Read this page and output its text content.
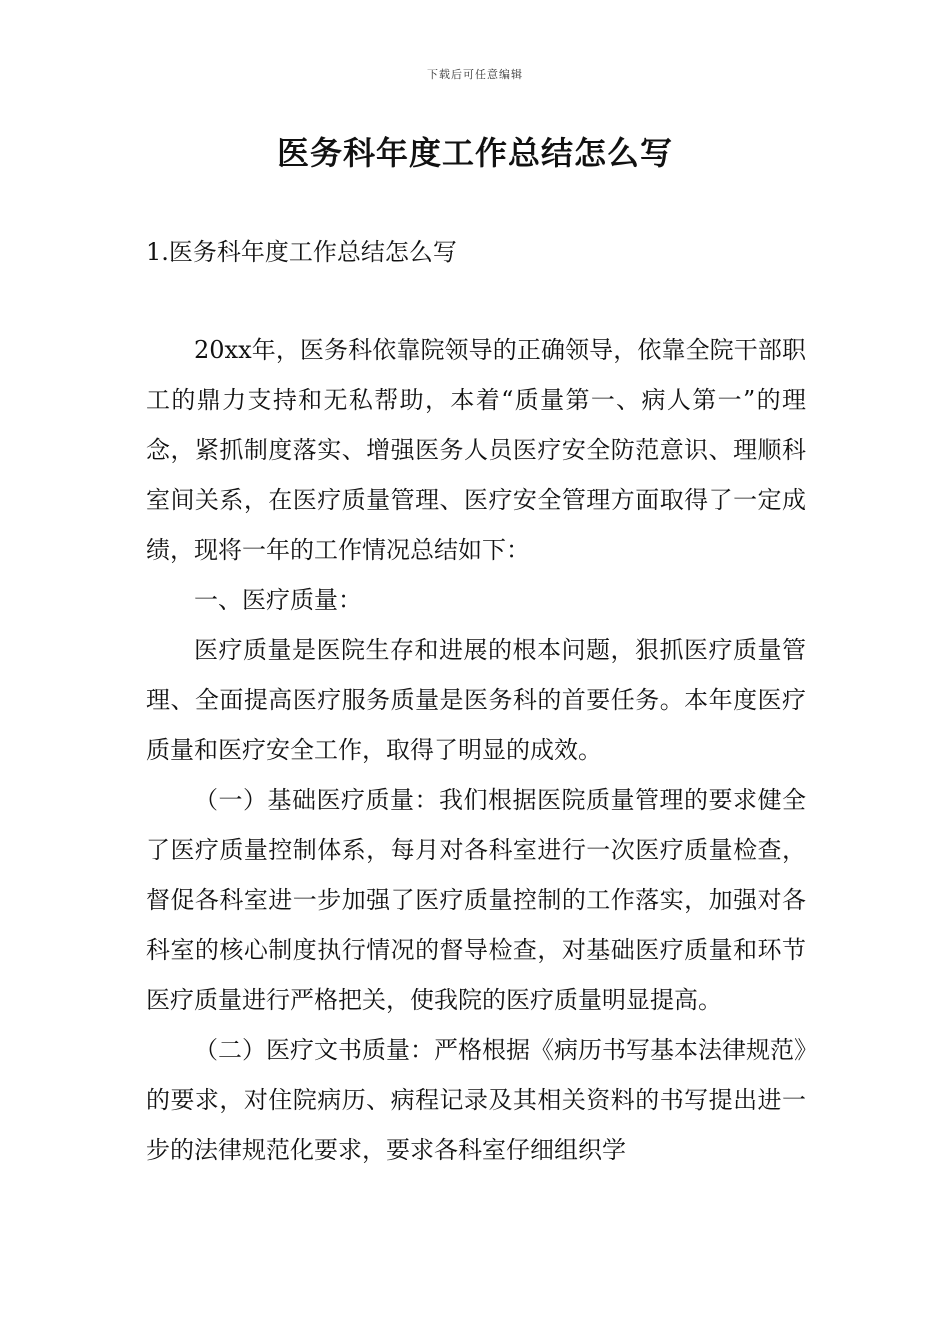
下载后可任意编辑
医务科年度工作总结怎么写
1.医务科年度工作总结怎么写

20xx年，医务科依靠院领导的正确领导，依靠全院干部职工的鼎力支持和无私帮助，本着“质量第一、病人第一”的理念，紧抓制度落实、增强医务人员医疗安全防范意识、理顺科室间关系，在医疗质量管理、医疗安全管理方面取得了一定成绩，现将一年的工作情况总结如下：

一、医疗质量：

医疗质量是医院生存和进展的根本问题，狠抓医疗质量管理、全面提高医疗服务质量是医务科的首要任务。本年度医疗质量和医疗安全工作，取得了明显的成效。

（一）基础医疗质量：我们根据医院质量管理的要求健全了医疗质量控制体系，每月对各科室进行一次医疗质量检查，督促各科室进一步加强了医疗质量控制的工作落实，加强对各科室的核心制度执行情况的督导检查，对基础医疗质量和环节医疗质量进行严格把关，使我院的医疗质量明显提高。

（二）医疗文书质量：严格根据《病历书写基本法律规范》的要求，对住院病历、病程记录及其相关资料的书写提出进一步的法律规范化要求，要求各科室仔细组织学
